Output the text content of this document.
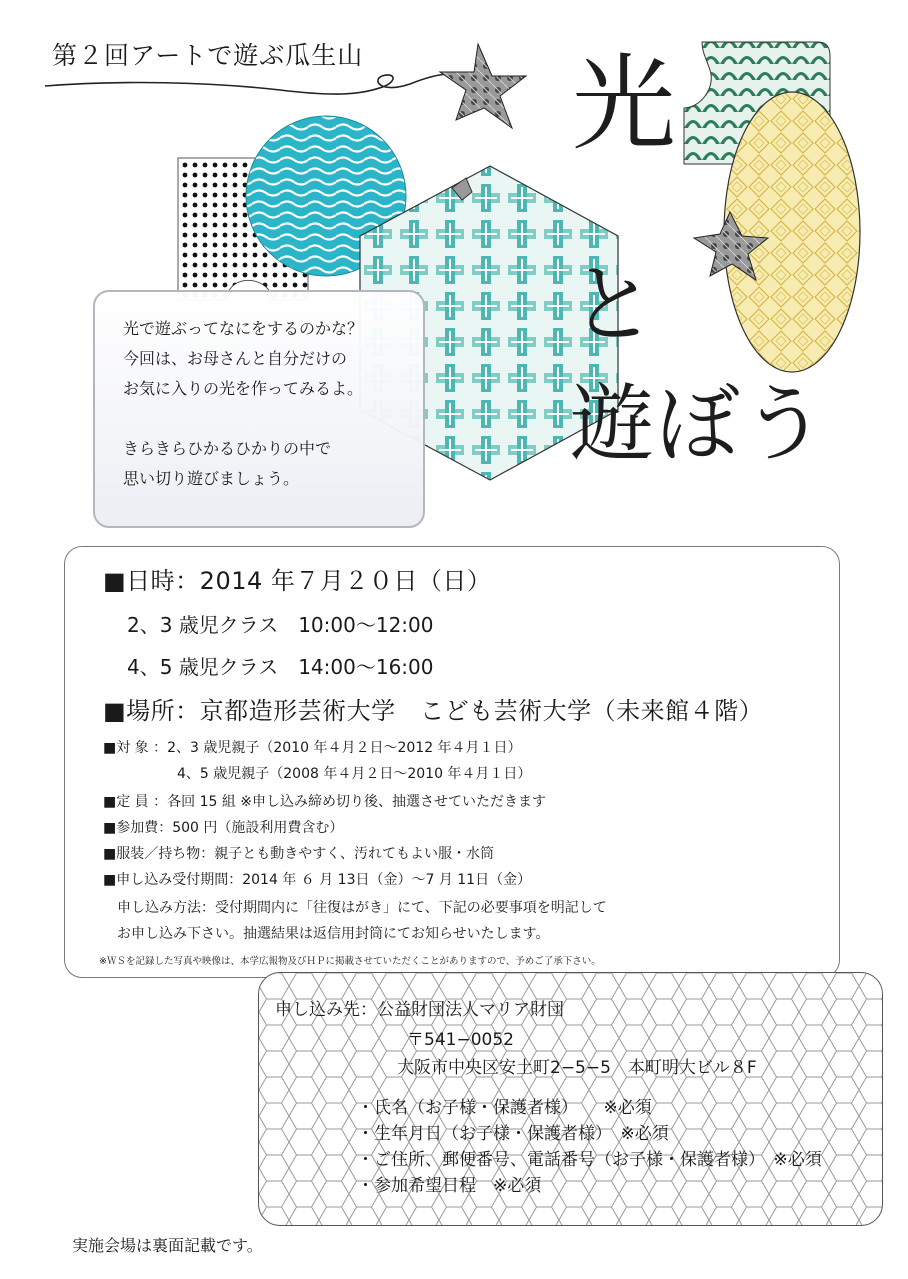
第２回アートで遊ぶ瓜生山 光
と
遊ぼう

光で遊ぶってなにをするのかな？

今回は、お母さんと自分だけの

お気に入りの光を作ってみるよ。

きらきらひかるひかりの中で

思い切り遊びましょう。

■日時：2014 年７月２０日（日）
2、3 歳児クラス　10:00〜12:00
4、5 歳児クラス　14:00〜16:00
■場所：京都造形芸術大学　こども芸術大学（未来館４階）
■対 象 ：2、3 歳児親子（2010 年４月２日〜2012 年４月１日）
4、5 歳児親子（2008 年４月２日〜2010 年４月１日）
■定 員 ：各回 15 組 ※申し込み締め切り後、抽選させていただきます
■参加費：500 円（施設利用費含む）
■服装／持ち物：親子とも動きやすく、汚れてもよい服・水筒
■申し込み受付期間：2014 年 ６ 月 13日（金）〜7 月 11日（金）
申し込み方法：受付期間内に「往復はがき」にて、下記の必要事項を明記して
お申し込み下さい。抽選結果は返信用封筒にてお知らせいたします。
※ＷＳを記録した写真や映像は、本学広報物及びＨＰに掲載させていただくことがありますので、予めご了承下さい。
申し込み先：公益財団法人マリア財団
〒541−0052
大阪市中央区安土町2−5−5　本町明大ビル８F
・氏名（お子様・保護者様）　　※必須
・生年月日（お子様・保護者様）　※必須
・ご住所、郵便番号、電話番号（お子様・保護者様）　※必須
・参加希望日程　※必須
実施会場は裏面記載です。
